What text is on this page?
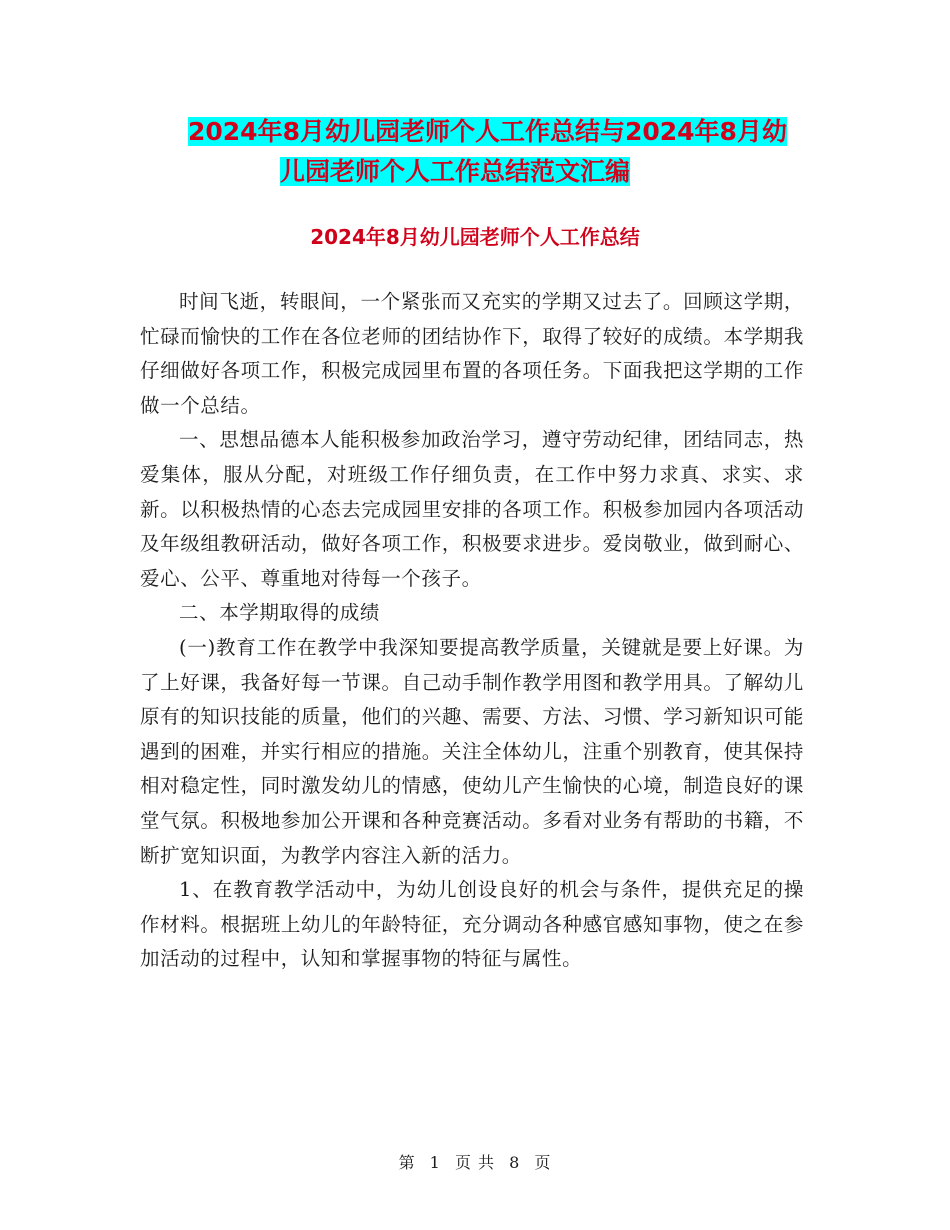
2024年8月幼儿园老师个人工作总结与2024年8月幼
儿园老师个人工作总结范文汇编
2024年8月幼儿园老师个人工作总结

时间飞逝，转眼间，一个紧张而又充实的学期又过去了。回顾这学期，忙碌而愉快的工作在各位老师的团结协作下，取得了较好的成绩。本学期我仔细做好各项工作，积极完成园里布置的各项任务。下面我把这学期的工作做一个总结。

一、思想品德本人能积极参加政治学习，遵守劳动纪律，团结同志，热爱集体，服从分配，对班级工作仔细负责，在工作中努力求真、求实、求新。以积极热情的心态去完成园里安排的各项工作。积极参加园内各项活动及年级组教研活动，做好各项工作，积极要求进步。爱岗敬业，做到耐心、爱心、公平、尊重地对待每一个孩子。

二、本学期取得的成绩

(一)教育工作在教学中我深知要提高教学质量，关键就是要上好课。为了上好课，我备好每一节课。自己动手制作教学用图和教学用具。了解幼儿原有的知识技能的质量，他们的兴趣、需要、方法、习惯、学习新知识可能遇到的困难，并实行相应的措施。关注全体幼儿，注重个别教育，使其保持相对稳定性，同时激发幼儿的情感，使幼儿产生愉快的心境，制造良好的课堂气氛。积极地参加公开课和各种竞赛活动。多看对业务有帮助的书籍，不断扩宽知识面，为教学内容注入新的活力。

1、在教育教学活动中，为幼儿创设良好的机会与条件，提供充足的操作材料。根据班上幼儿的年龄特征，充分调动各种感官感知事物，使之在参加活动的过程中，认知和掌握事物的特征与属性。

第 1 页 共 8 页
